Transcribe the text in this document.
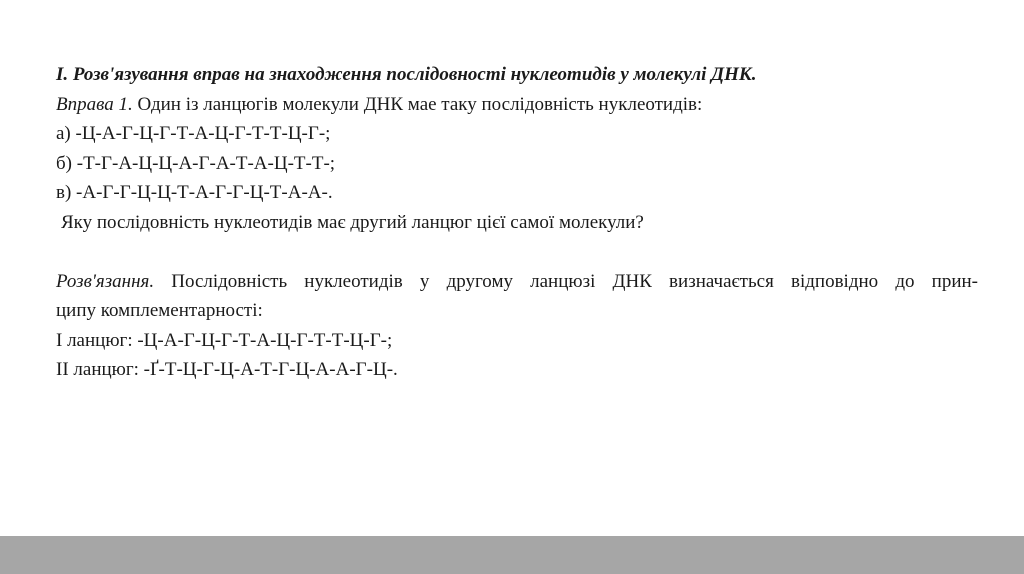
І. Розв'язування вправ на знаходження послідовності нуклеотидів у молекулі ДНК.
Вправа 1. Один із ланцюгів молекули ДНК мае таку послідовність нуклеотидів:
а) -Ц-А-Г-Ц-Г-Т-А-Ц-Г-Т-Т-Ц-Г-;
б) -Т-Г-А-Ц-Ц-А-Г-А-Т-А-Ц-Т-Т-;
в) -А-Г-Г-Ц-Ц-Т-А-Г-Г-Ц-Т-А-А-.
Яку послідовність нуклеотидів має другий ланцюг цієї самої молекули?
Розв'язання. Послідовність нуклеотидів у другому ланцюзі ДНК визначається відповідно до прин-
ципу комплементарності:
І ланцюг: -Ц-А-Г-Ц-Г-Т-А-Ц-Г-Т-Т-Ц-Г-;
ІІ ланцюг: -Ґ-Т-Ц-Г-Ц-А-Т-Г-Ц-А-А-Г-Ц-.
